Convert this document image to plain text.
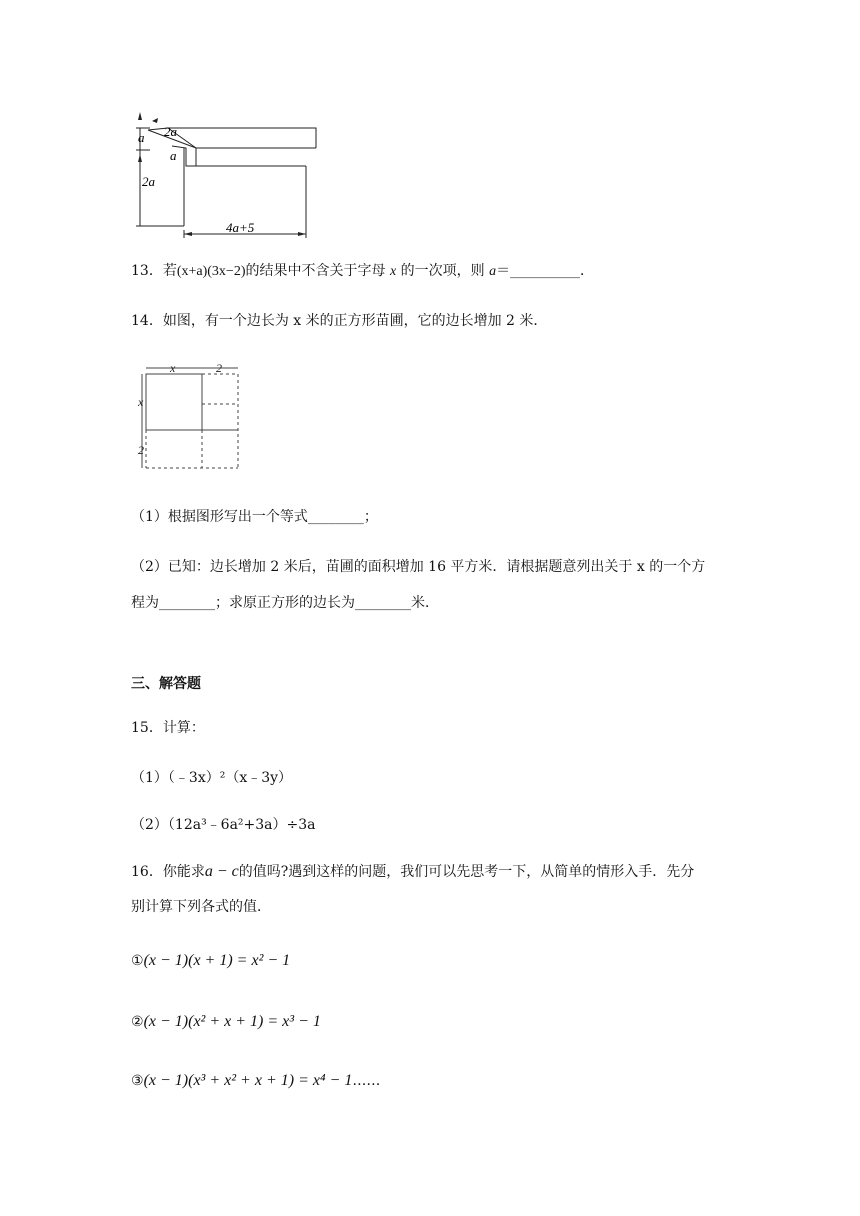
a 2a
a
2a
4a+5
13．若(x+a)(3x−2)的结果中不含关于字母 x 的一次项，则 a＝__________．
14．如图，有一个边长为 x 米的正方形苗圃，它的边长增加 2 米．
x	2
x
2
（1）根据图形写出一个等式________；
（2）已知：边长增加 2 米后，苗圃的面积增加 16 平方米．请根据题意列出关于 x 的一个方
程为________；求原正方形的边长为________米．
三、解答题
15．计算：
（1）（﹣3x）²（x﹣3y）
（2）（12a³﹣6a²+3a）÷3a
16．你能求a − c的值吗?遇到这样的问题，我们可以先思考一下，从简单的情形入手．先分
别计算下列各式的值．
①(x − 1)(x + 1) = x² − 1
②(x − 1)(x² + x + 1) = x³ − 1
③(x − 1)(x³ + x² + x + 1) = x⁴ − 1……
